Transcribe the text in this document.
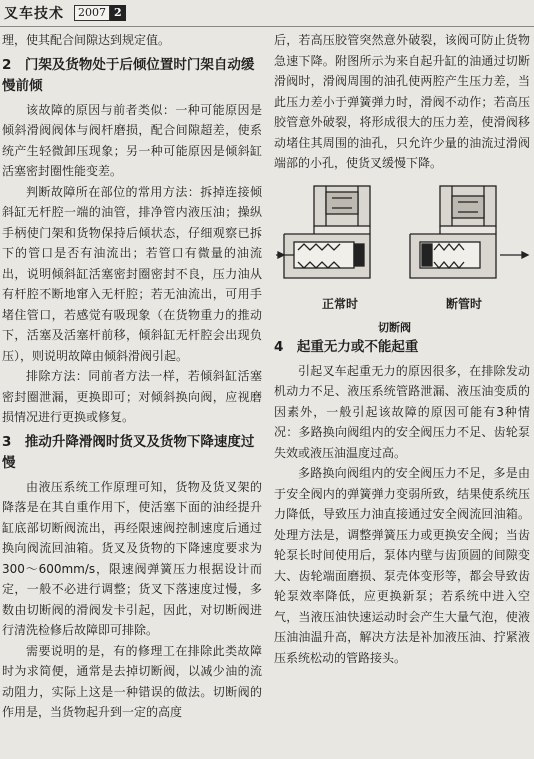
叉车技术	2007 2

理，使其配合间隙达到规定值。

2　门架及货物处于后倾位置时门架自动缓慢前倾

该故障的原因与前者类似：一种可能原因是倾斜滑阀阀体与阀杆磨损，配合间隙超差，使系统产生轻微卸压现象；另一种可能原因是倾斜缸活塞密封圈性能变差。

判断故障所在部位的常用方法：拆掉连接倾斜缸无杆腔一端的油管，排净管内液压油；操纵手柄使门架和货物保持后倾状态，仔细观察已拆下的管口是否有油流出；若管口有微量的油流出，说明倾斜缸活塞密封圈密封不良，压力油从有杆腔不断地窜入无杆腔；若无油流出，可用手堵住管口，若感觉有吸现象（在货物重力的推动下，活塞及活塞杆前移，倾斜缸无杆腔会出现负压），则说明故障由倾斜滑阀引起。

排除方法：同前者方法一样，若倾斜缸活塞密封圈泄漏，更换即可；对倾斜换向阀，应视磨损情况进行更换或修复。

3　推动升降滑阀时货叉及货物下降速度过慢

由液压系统工作原理可知，货物及货叉架的降落是在其自重作用下，使活塞下面的油经提升缸底部切断阀流出，再经限速阀控制速度后通过换向阀流回油箱。货叉及货物的下降速度要求为300～600mm/s，限速阀弹簧压力根据设计而定，一般不必进行调整；货叉下落速度过慢，多数由切断阀的滑阀发卡引起，因此，对切断阀进行清洗检修后故障即可排除。

需要说明的是，有的修理工在排除此类故障时为求简便，通常是去掉切断阀，以减少油的流动阻力，实际上这是一种错误的做法。切断阀的作用是，当货物起升到一定的高度

后，若高压胶管突然意外破裂，该阀可防止货物急速下降。附图所示为来自起升缸的油通过切断滑阀时，滑阀周围的油孔使两腔产生压力差，当此压力差小于弹簧弹力时，滑阀不动作；若高压胶管意外破裂，将形成很大的压力差，使滑阀移动堵住其周围的油孔，只允许少量的油流过滑阀端部的小孔，使货叉缓慢下降。

正常时	断管时
切断阀
4　起重无力或不能起重

引起叉车起重无力的原因很多，在排除发动机动力不足、液压系统管路泄漏、液压油变质的因素外，一般引起该故障的原因可能有3种情况：多路换向阀组内的安全阀压力不足、齿轮泵失效或液压油温度过高。

多路换向阀组内的安全阀压力不足，多是由于安全阀内的弹簧弹力变弱所致，结果使系统压力降低，导致压力油直接通过安全阀流回油箱。处理方法是，调整弹簧压力或更换安全阀；当齿轮泵长时间使用后，泵体内壁与齿顶圆的间隙变大、齿轮端面磨损、泵壳体变形等，都会导致齿轮泵效率降低，应更换新泵；若系统中进入空气，当液压油快速运动时会产生大量气泡，使液压油油温升高，解决方法是补加液压油、拧紧液压系统松动的管路接头。
